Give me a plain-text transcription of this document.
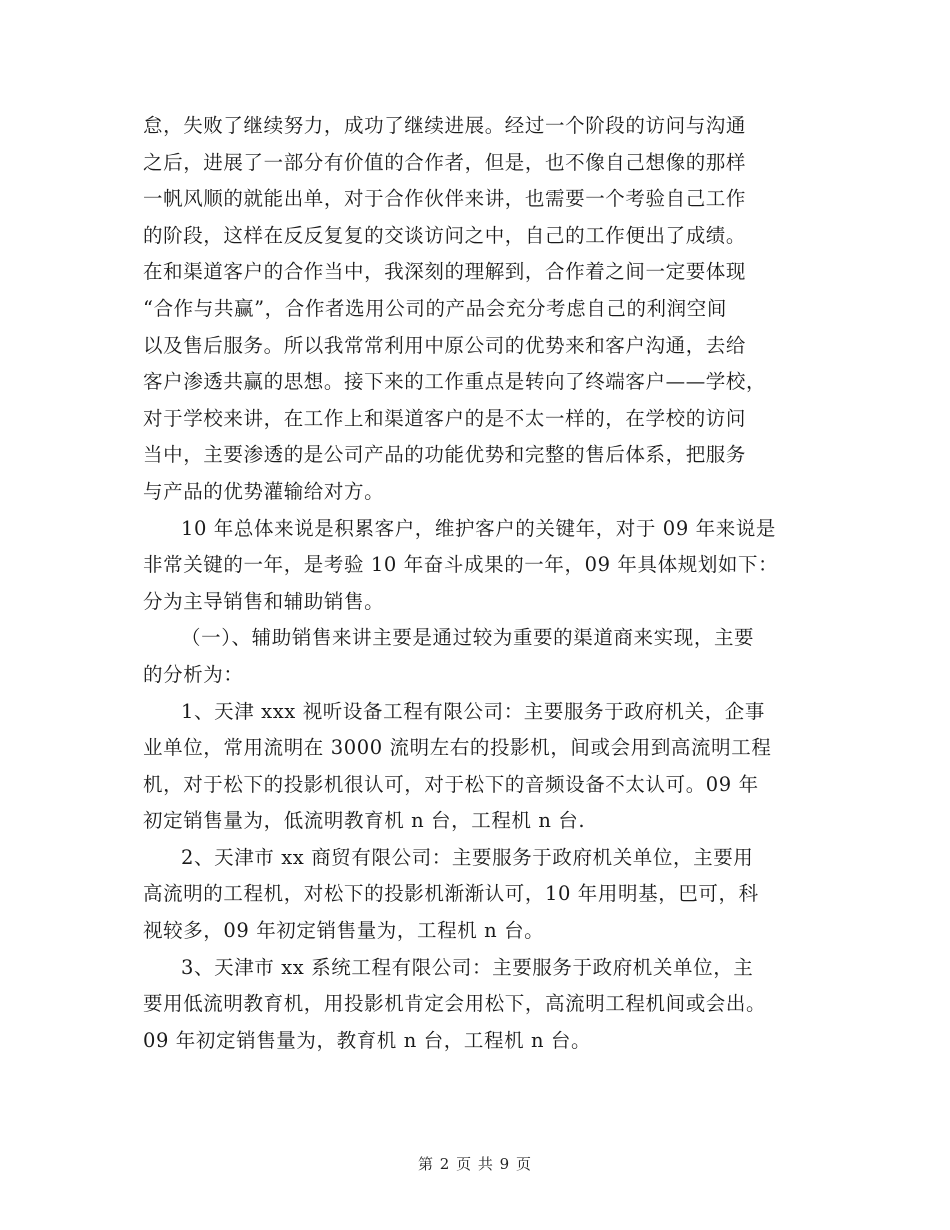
怠，失败了继续努力，成功了继续进展。经过一个阶段的访问与沟通
之后，进展了一部分有价值的合作者，但是，也不像自己想像的那样
一帆风顺的就能出单，对于合作伙伴来讲，也需要一个考验自己工作
的阶段，这样在反反复复的交谈访问之中，自己的工作便出了成绩。
在和渠道客户的合作当中，我深刻的理解到，合作着之间一定要体现
“合作与共赢”，合作者选用公司的产品会充分考虑自己的利润空间
以及售后服务。所以我常常利用中原公司的优势来和客户沟通，去给
客户渗透共赢的思想。接下来的工作重点是转向了终端客户——学校，
对于学校来讲，在工作上和渠道客户的是不太一样的，在学校的访问
当中，主要渗透的是公司产品的功能优势和完整的售后体系，把服务
与产品的优势灌输给对方。
10 年总体来说是积累客户，维护客户的关键年，对于 09 年来说是
非常关键的一年，是考验 10 年奋斗成果的一年，09 年具体规划如下：
分为主导销售和辅助销售。
（一）、辅助销售来讲主要是通过较为重要的渠道商来实现，主要
的分析为：
1、天津 xxx 视听设备工程有限公司：主要服务于政府机关，企事
业单位，常用流明在 3000 流明左右的投影机，间或会用到高流明工程
机，对于松下的投影机很认可，对于松下的音频设备不太认可。09 年
初定销售量为，低流明教育机 n 台，工程机 n 台.
2、天津市 xx 商贸有限公司：主要服务于政府机关单位，主要用
高流明的工程机，对松下的投影机渐渐认可，10 年用明基，巴可，科
视较多，09 年初定销售量为，工程机 n 台。
3、天津市 xx 系统工程有限公司：主要服务于政府机关单位，主
要用低流明教育机，用投影机肯定会用松下，高流明工程机间或会出。
09 年初定销售量为，教育机 n 台，工程机 n 台。
第 2 页 共 9 页
